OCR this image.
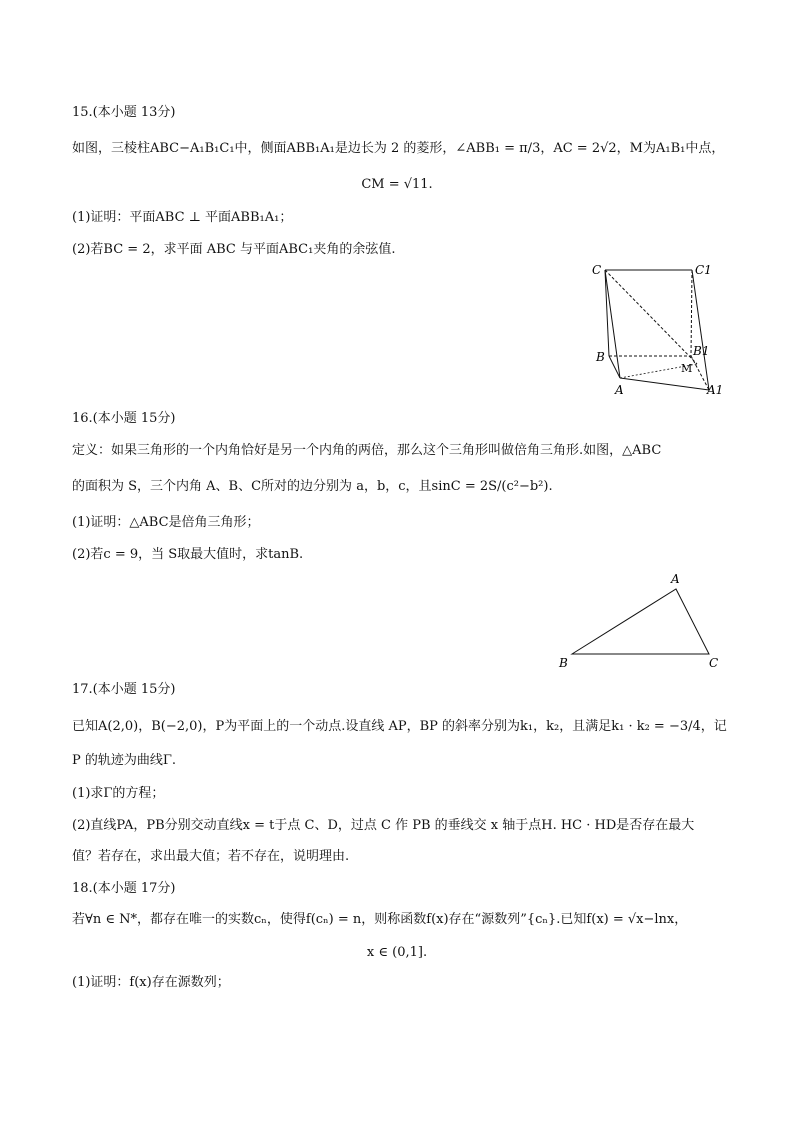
15.(本小题 13分)
如图，三棱柱ABC−A₁B₁C₁中，侧面ABB₁A₁是边长为 2 的菱形，∠ABB₁ = π/3，AC = 2√2，M为A₁B₁中点，
CM = √11.
(1)证明：平面ABC ⊥ 平面ABB₁A₁；
(2)若BC = 2，求平面 ABC 与平面ABC₁夹角的余弦值.
C	C1
B	B1
M
A	A1
16.(本小题 15分)
定义：如果三角形的一个内角恰好是另一个内角的两倍，那么这个三角形叫做倍角三角形.如图，△ABC
的面积为 S，三个内角 A、B、C所对的边分别为 a，b，c，且sinC = 2S/(c²−b²).
(1)证明：△ABC是倍角三角形；
(2)若c = 9，当 S取最大值时，求tanB.
A
B	C
17.(本小题 15分)
已知A(2,0)，B(−2,0)，P为平面上的一个动点.设直线 AP，BP 的斜率分别为k₁，k₂，且满足k₁ · k₂ = −3/4，记
P 的轨迹为曲线Γ.
(1)求Γ的方程；
(2)直线PA，PB分别交动直线x = t于点 C、D，过点 C 作 PB 的垂线交 x 轴于点H. HC · HD是否存在最大
值？若存在，求出最大值；若不存在，说明理由.
18.(本小题 17分)
若∀n ∈ N*，都存在唯一的实数cₙ，使得f(cₙ) = n，则称函数f(x)存在“源数列”{cₙ}.已知f(x) = √x−lnx，
x ∈ (0,1].
(1)证明：f(x)存在源数列；
